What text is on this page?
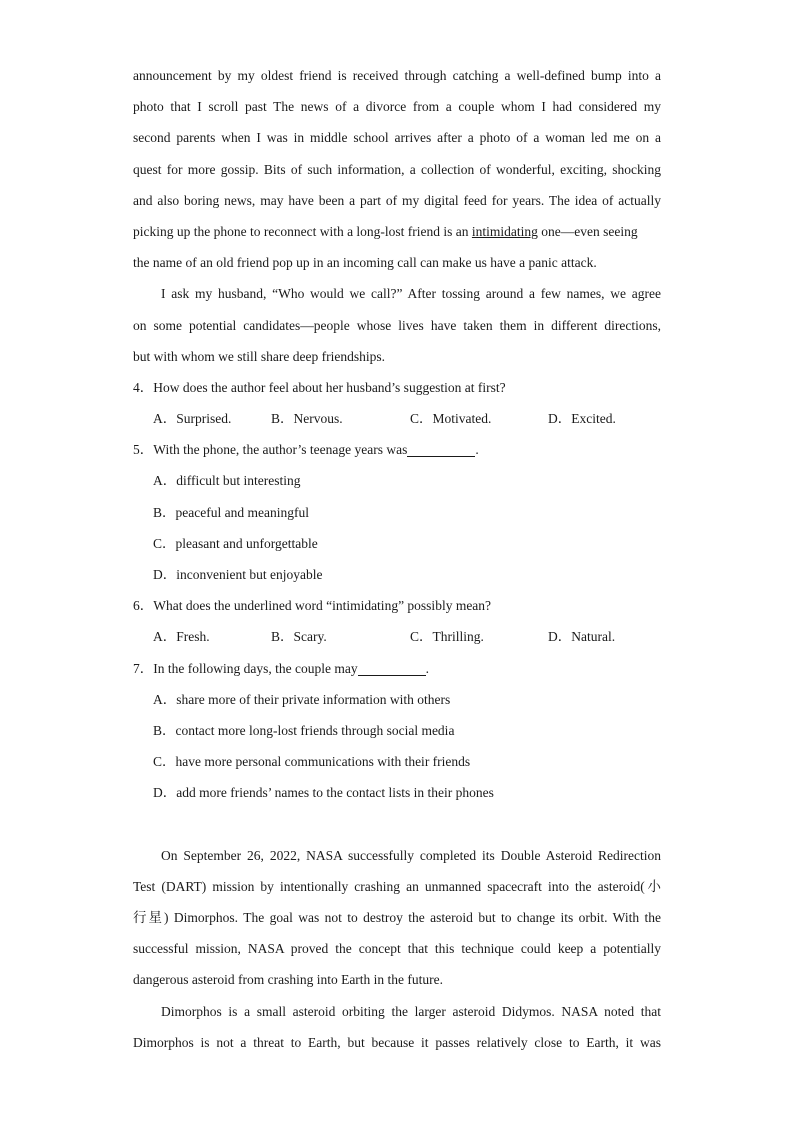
announcement by my oldest friend is received through catching a well-defined bump into a
photo that I scroll past The news of a divorce from a couple whom I had considered my
second parents when I was in middle school arrives after a photo of a woman led me on a
quest for more gossip. Bits of such information, a collection of wonderful, exciting, shocking
and also boring news, may have been a part of my digital feed for years. The idea of actually
picking up the phone to reconnect with a long-lost friend is an intimidating one—even seeing
the name of an old friend pop up in an incoming call can make us have a panic attack.
I ask my husband, “Who would we call?” After tossing around a few names, we agree
on some potential candidates—people whose lives have taken them in different directions,
but with whom we still share deep friendships.
4．How does the author feel about her husband’s suggestion at first?
A．Surprised.	B．Nervous.	C．Motivated.	D．Excited.
5．With the phone, the author’s teenage years was	.
A．difficult but interesting
B．peaceful and meaningful
C．pleasant and unforgettable
D．inconvenient but enjoyable
6．What does the underlined word “intimidating” possibly mean?
A．Fresh.	B．Scary.	C．Thrilling.	D．Natural.
7．In the following days, the couple may	.
A．share more of their private information with others
B．contact more long-lost friends through social media
C．have more personal communications with their friends
D．add more friends’ names to the contact lists in their phones
On September 26, 2022, NASA successfully completed its Double Asteroid Redirection
Test (DART) mission by intentionally crashing an unmanned spacecraft into the asteroid(小
行星) Dimorphos. The goal was not to destroy the asteroid but to change its orbit. With the
successful mission, NASA proved the concept that this technique could keep a potentially
dangerous asteroid from crashing into Earth in the future.
Dimorphos is a small asteroid orbiting the larger asteroid Didymos. NASA noted that
Dimorphos is not a threat to Earth, but because it passes relatively close to Earth, it was
